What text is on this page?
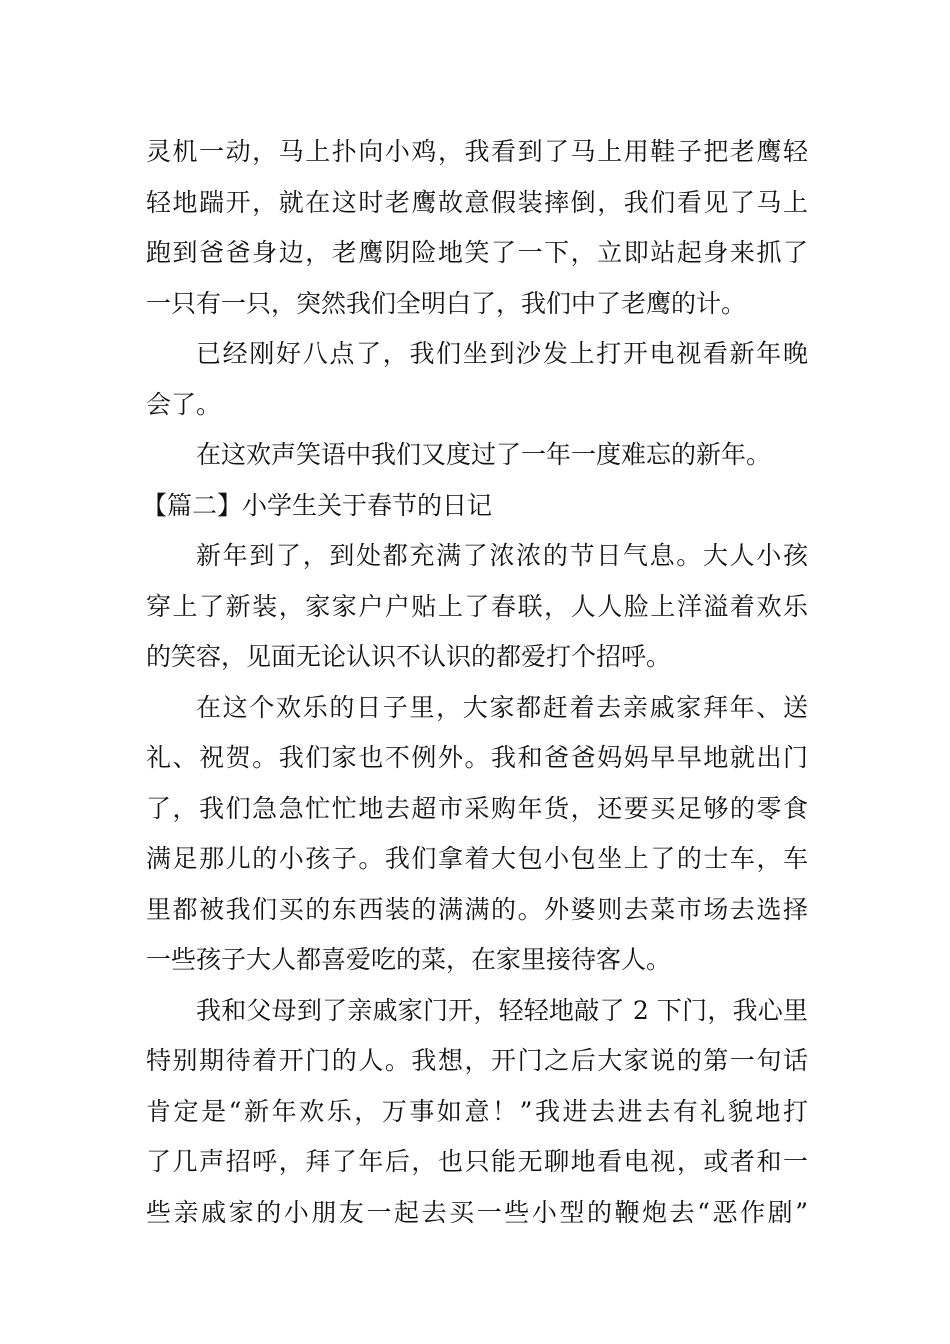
灵机一动，马上扑向小鸡，我看到了马上用鞋子把老鹰轻
轻地踹开，就在这时老鹰故意假装摔倒，我们看见了马上
跑到爸爸身边，老鹰阴险地笑了一下，立即站起身来抓了
一只有一只，突然我们全明白了，我们中了老鹰的计。
已经刚好八点了，我们坐到沙发上打开电视看新年晚
会了。
在这欢声笑语中我们又度过了一年一度难忘的新年。
【篇二】小学生关于春节的日记
新年到了，到处都充满了浓浓的节日气息。大人小孩
穿上了新装，家家户户贴上了春联，人人脸上洋溢着欢乐
的笑容，见面无论认识不认识的都爱打个招呼。
在这个欢乐的日子里，大家都赶着去亲戚家拜年、送
礼、祝贺。我们家也不例外。我和爸爸妈妈早早地就出门
了，我们急急忙忙地去超市采购年货，还要买足够的零食
满足那儿的小孩子。我们拿着大包小包坐上了的士车，车
里都被我们买的东西装的满满的。外婆则去菜市场去选择
一些孩子大人都喜爱吃的菜，在家里接待客人。
我和父母到了亲戚家门开，轻轻地敲了 2 下门，我心里
特别期待着开门的人。我想，开门之后大家说的第一句话
肯定是“新年欢乐，万事如意！”我进去进去有礼貌地打
了几声招呼，拜了年后，也只能无聊地看电视，或者和一
些亲戚家的小朋友一起去买一些小型的鞭炮去“恶作剧”
